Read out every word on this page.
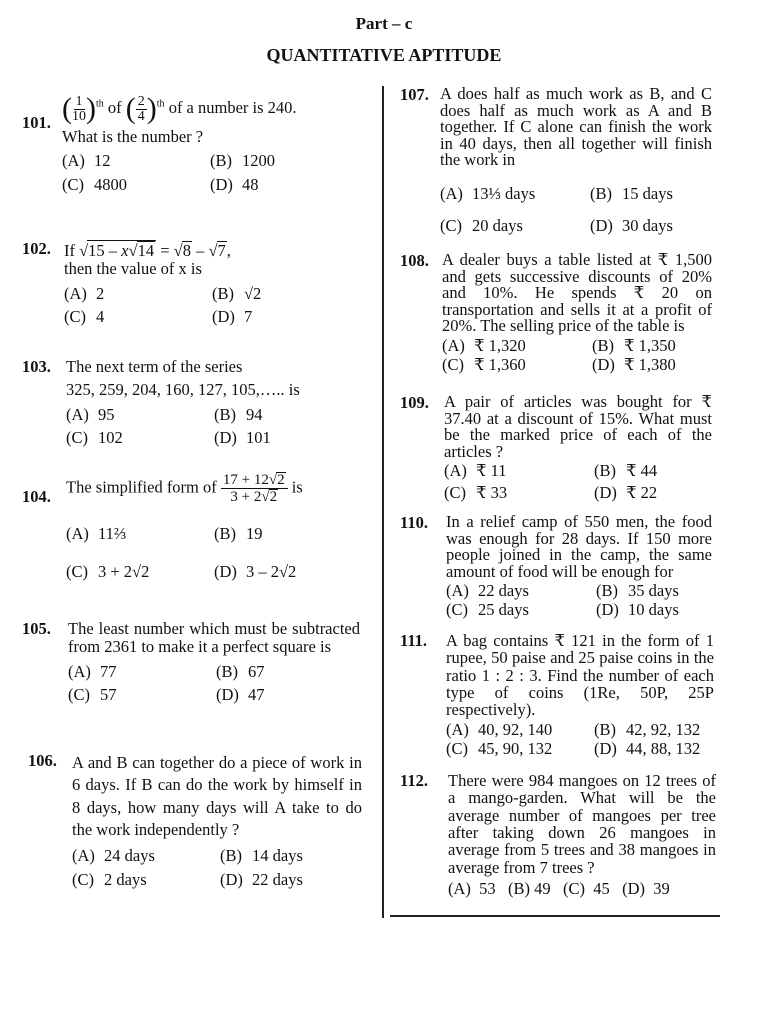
Part – c
QUANTITATIVE APTITUDE
101. ( $\frac{1}{10} )^{th}$ of ( $\frac{2}{4} )^{th}$ of a number is 240.
What is the number ?
(A) 12	(B) 1200
(C) 4800	(D) 48
102. If √15 – x√14 = √8 – √7,
then the value of x is
(A) 2	(B) √2
(C) 4	(D) 7
103. The next term of the series
325, 259, 204, 160, 127, 105,….. is
(A) 95	(B) 94
(C) 102	(D) 101
104.
The simplified form of $\frac{17 + 12√2}{3 + 2√2}$ is
(A) 11⅔	(B) 19
(C) 3 + 2√2	(D) 3 – 2√2
105. The least number which must be subtracted from 2361 to make it a perfect square is
(A) 77	(B) 67
(C) 57	(D) 47
106. A and B can together do a piece of work in 6 days. If B can do the work by himself in 8 days, how many days will A take to do the work independently ?
(A) 24 days	(B) 14 days
(C) 2 days	(D) 22 days
107. A does half as much work as B, and C does half as much work as A and B together. If C alone can finish the work in 40 days, then all together will finish the work in
(A) 13⅓ days	(B) 15 days
(C) 20 days	(D) 30 days
108. A dealer buys a table listed at ₹ 1,500 and gets successive discounts of 20% and 10%. He spends ₹ 20 on transportation and sells it at a profit of 20%. The selling price of the table is
(A) ₹ 1,320	(B) ₹ 1,350
(C) ₹ 1,360	(D) ₹ 1,380
109. A pair of articles was bought for ₹ 37.40 at a discount of 15%. What must be the marked price of each of the articles ?
(A) ₹ 11	(B) ₹ 44
(C) ₹ 33	(D) ₹ 22
110. In a relief camp of 550 men, the food was enough for 28 days. If 150 more people joined in the camp, the same amount of food will be enough for
(A) 22 days	(B) 35 days
(C) 25 days	(D) 10 days
111. A bag contains ₹ 121 in the form of 1 rupee, 50 paise and 25 paise coins in the ratio 1 : 2 : 3. Find the number of each type of coins (1Re, 50P, 25P respectively).
(A) 40, 92, 140	(B) 42, 92, 132
(C) 45, 90, 132	(D) 44, 88, 132
112. There were 984 mangoes on 12 trees of a mango-garden. What will be the average number of mangoes per tree after taking down 26 mangoes in average from 5 trees and 38 mangoes in average from 7 trees ?
(A)  53   (B) 49   (C)  45   (D)  39
